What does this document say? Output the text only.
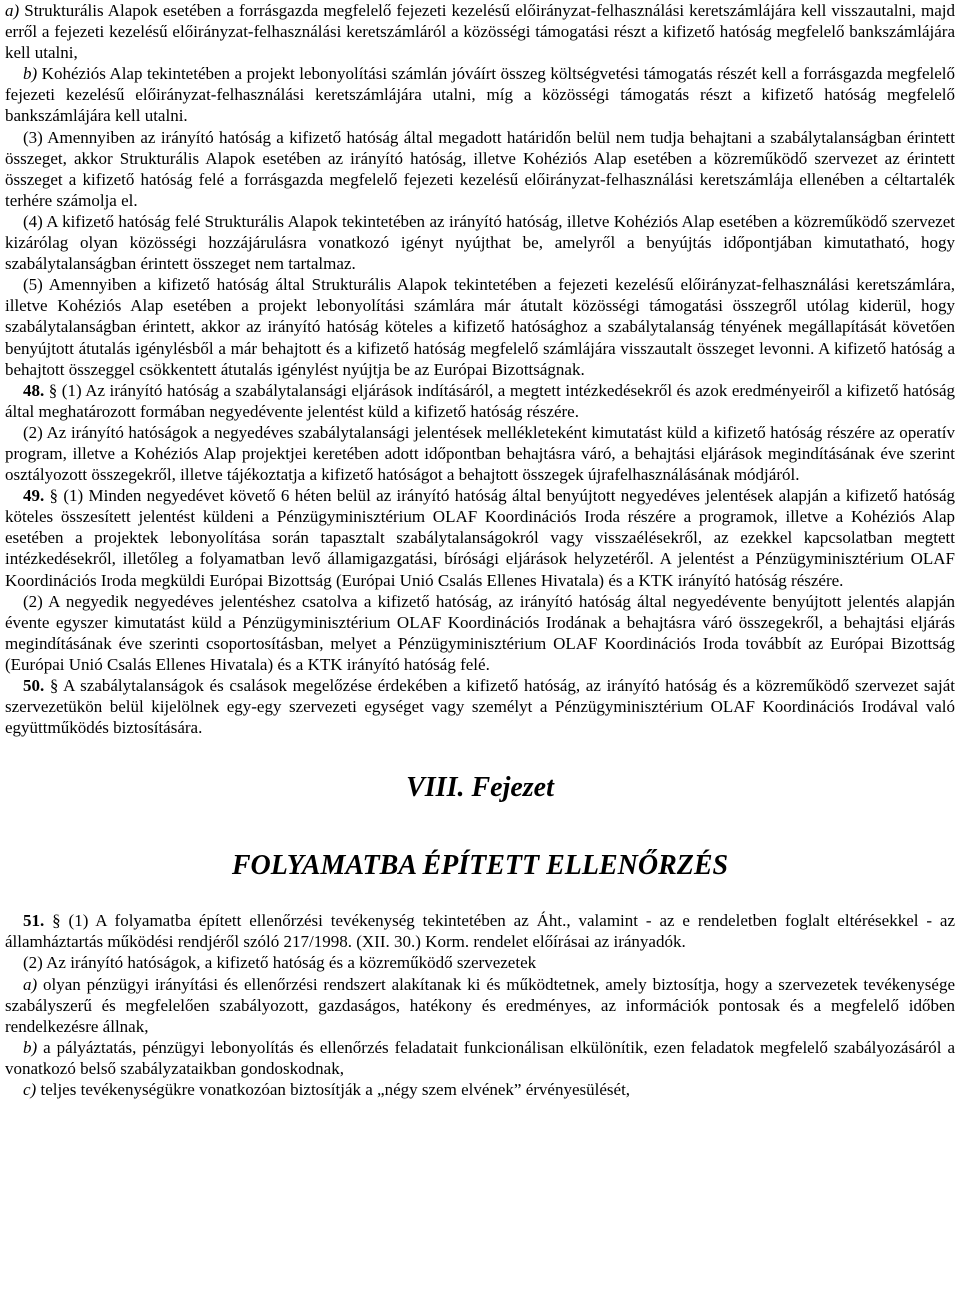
a) Strukturális Alapok esetében a forrásgazda megfelelő fejezeti kezelésű előirányzat-felhasználási keretszámlájára kell visszautalni, majd erről a fejezeti kezelésű előirányzat-felhasználási keretszámláról a közösségi támogatási részt a kifizető hatóság megfelelő bankszámlájára kell utalni,

b) Kohéziós Alap tekintetében a projekt lebonyolítási számlán jóváírt összeg költségvetési támogatás részét kell a forrásgazda megfelelő fejezeti kezelésű előirányzat-felhasználási keretszámlájára utalni, míg a közösségi támogatás részt a kifizető hatóság megfelelő bankszámlájára kell utalni.

(3) Amennyiben az irányító hatóság a kifizető hatóság által megadott határidőn belül nem tudja behajtani a szabálytalanságban érintett összeget, akkor Strukturális Alapok esetében az irányító hatóság, illetve Kohéziós Alap esetében a közreműködő szervezet az érintett összeget a kifizető hatóság felé a forrásgazda megfelelő fejezeti kezelésű előirányzat-felhasználási keretszámlája ellenében a céltartalék terhére számolja el.

(4) A kifizető hatóság felé Strukturális Alapok tekintetében az irányító hatóság, illetve Kohéziós Alap esetében a közreműködő szervezet kizárólag olyan közösségi hozzájárulásra vonatkozó igényt nyújthat be, amelyről a benyújtás időpontjában kimutatható, hogy szabálytalanságban érintett összeget nem tartalmaz.

(5) Amennyiben a kifizető hatóság által Strukturális Alapok tekintetében a fejezeti kezelésű előirányzat-felhasználási keretszámlára, illetve Kohéziós Alap esetében a projekt lebonyolítási számlára már átutalt közösségi támogatási összegről utólag kiderül, hogy szabálytalanságban érintett, akkor az irányító hatóság köteles a kifizető hatósághoz a szabálytalanság tényének megállapítását követően benyújtott átutalás igénylésből a már behajtott és a kifizető hatóság megfelelő számlájára visszautalt összeget levonni. A kifizető hatóság a behajtott összeggel csökkentett átutalás igénylést nyújtja be az Európai Bizottságnak.

48. § (1) Az irányító hatóság a szabálytalansági eljárások indításáról, a megtett intézkedésekről és azok eredményeiről a kifizető hatóság által meghatározott formában negyedévente jelentést küld a kifizető hatóság részére.

(2) Az irányító hatóságok a negyedéves szabálytalansági jelentések mellékleteként kimutatást küld a kifizető hatóság részére az operatív program, illetve a Kohéziós Alap projektjei keretében adott időpontban behajtásra váró, a behajtási eljárások megindításának éve szerint osztályozott összegekről, illetve tájékoztatja a kifizető hatóságot a behajtott összegek újrafelhasználásának módjáról.

49. § (1) Minden negyedévet követő 6 héten belül az irányító hatóság által benyújtott negyedéves jelentések alapján a kifizető hatóság köteles összesített jelentést küldeni a Pénzügyminisztérium OLAF Koordinációs Iroda részére a programok, illetve a Kohéziós Alap esetében a projektek lebonyolítása során tapasztalt szabálytalanságokról vagy visszaélésekről, az ezekkel kapcsolatban megtett intézkedésekről, illetőleg a folyamatban levő államigazgatási, bírósági eljárások helyzetéről. A jelentést a Pénzügyminisztérium OLAF Koordinációs Iroda megküldi Európai Bizottság (Európai Unió Csalás Ellenes Hivatala) és a KTK irányító hatóság részére.

(2) A negyedik negyedéves jelentéshez csatolva a kifizető hatóság, az irányító hatóság által negyedévente benyújtott jelentés alapján évente egyszer kimutatást küld a Pénzügyminisztérium OLAF Koordinációs Irodának a behajtásra váró összegekről, a behajtási eljárás megindításának éve szerinti csoportosításban, melyet a Pénzügyminisztérium OLAF Koordinációs Iroda továbbít az Európai Bizottság (Európai Unió Csalás Ellenes Hivatala) és a KTK irányító hatóság felé.

50. § A szabálytalanságok és csalások megelőzése érdekében a kifizető hatóság, az irányító hatóság és a közreműködő szervezet saját szervezetükön belül kijelölnek egy-egy szervezeti egységet vagy személyt a Pénzügyminisztérium OLAF Koordinációs Irodával való együttműködés biztosítására.

VIII. Fejezet
FOLYAMATBA ÉPÍTETT ELLENŐRZÉS

51. § (1) A folyamatba épített ellenőrzési tevékenység tekintetében az Áht., valamint - az e rendeletben foglalt eltérésekkel - az államháztartás működési rendjéről szóló 217/1998. (XII. 30.) Korm. rendelet előírásai az irányadók.

(2) Az irányító hatóságok, a kifizető hatóság és a közreműködő szervezetek

a) olyan pénzügyi irányítási és ellenőrzési rendszert alakítanak ki és működtetnek, amely biztosítja, hogy a szervezetek tevékenysége szabályszerű és megfelelően szabályozott, gazdaságos, hatékony és eredményes, az információk pontosak és a megfelelő időben rendelkezésre állnak,

b) a pályáztatás, pénzügyi lebonyolítás és ellenőrzés feladatait funkcionálisan elkülönítik, ezen feladatok megfelelő szabályozásáról a vonatkozó belső szabályzataikban gondoskodnak,

c) teljes tevékenységükre vonatkozóan biztosítják a „négy szem elvének” érvényesülését,
